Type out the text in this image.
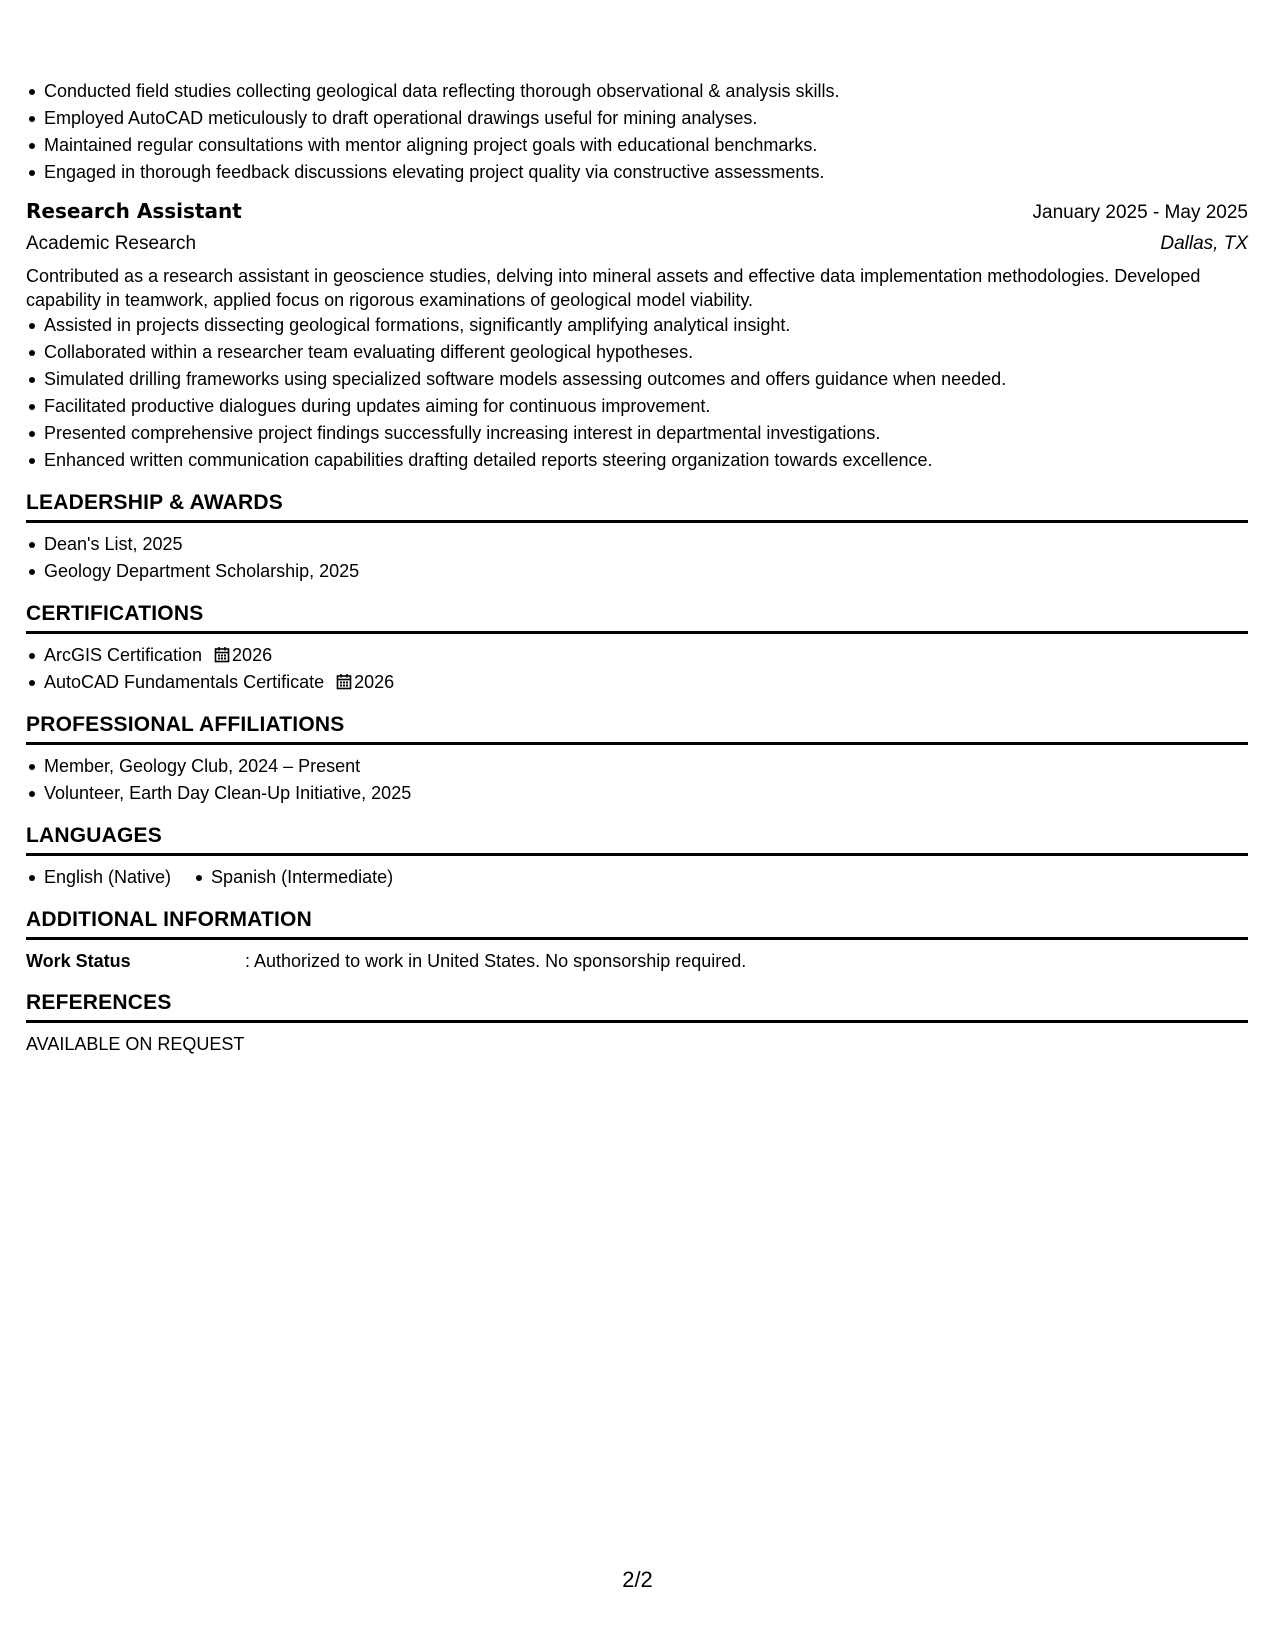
Conducted field studies collecting geological data reflecting thorough observational & analysis skills.
Employed AutoCAD meticulously to draft operational drawings useful for mining analyses.
Maintained regular consultations with mentor aligning project goals with educational benchmarks.
Engaged in thorough feedback discussions elevating project quality via constructive assessments.
Research Assistant	January 2025 - May 2025
Academic Research	Dallas, TX

Contributed as a research assistant in geoscience studies, delving into mineral assets and effective data implementation methodologies. Developed capability in teamwork, applied focus on rigorous examinations of geological model viability.

Assisted in projects dissecting geological formations, significantly amplifying analytical insight.
Collaborated within a researcher team evaluating different geological hypotheses.
Simulated drilling frameworks using specialized software models assessing outcomes and offers guidance when needed.
Facilitated productive dialogues during updates aiming for continuous improvement.
Presented comprehensive project findings successfully increasing interest in departmental investigations.
Enhanced written communication capabilities drafting detailed reports steering organization towards excellence.
LEADERSHIP & AWARDS
Dean's List, 2025
Geology Department Scholarship, 2025
CERTIFICATIONS
ArcGIS Certification 2026
AutoCAD Fundamentals Certificate 2026
PROFESSIONAL AFFILIATIONS
Member, Geology Club, 2024 – Present
Volunteer, Earth Day Clean-Up Initiative, 2025
LANGUAGES
English (Native)	Spanish (Intermediate)
ADDITIONAL INFORMATION
Work Status	: Authorized to work in United States. No sponsorship required.
REFERENCES
AVAILABLE ON REQUEST
2/2
